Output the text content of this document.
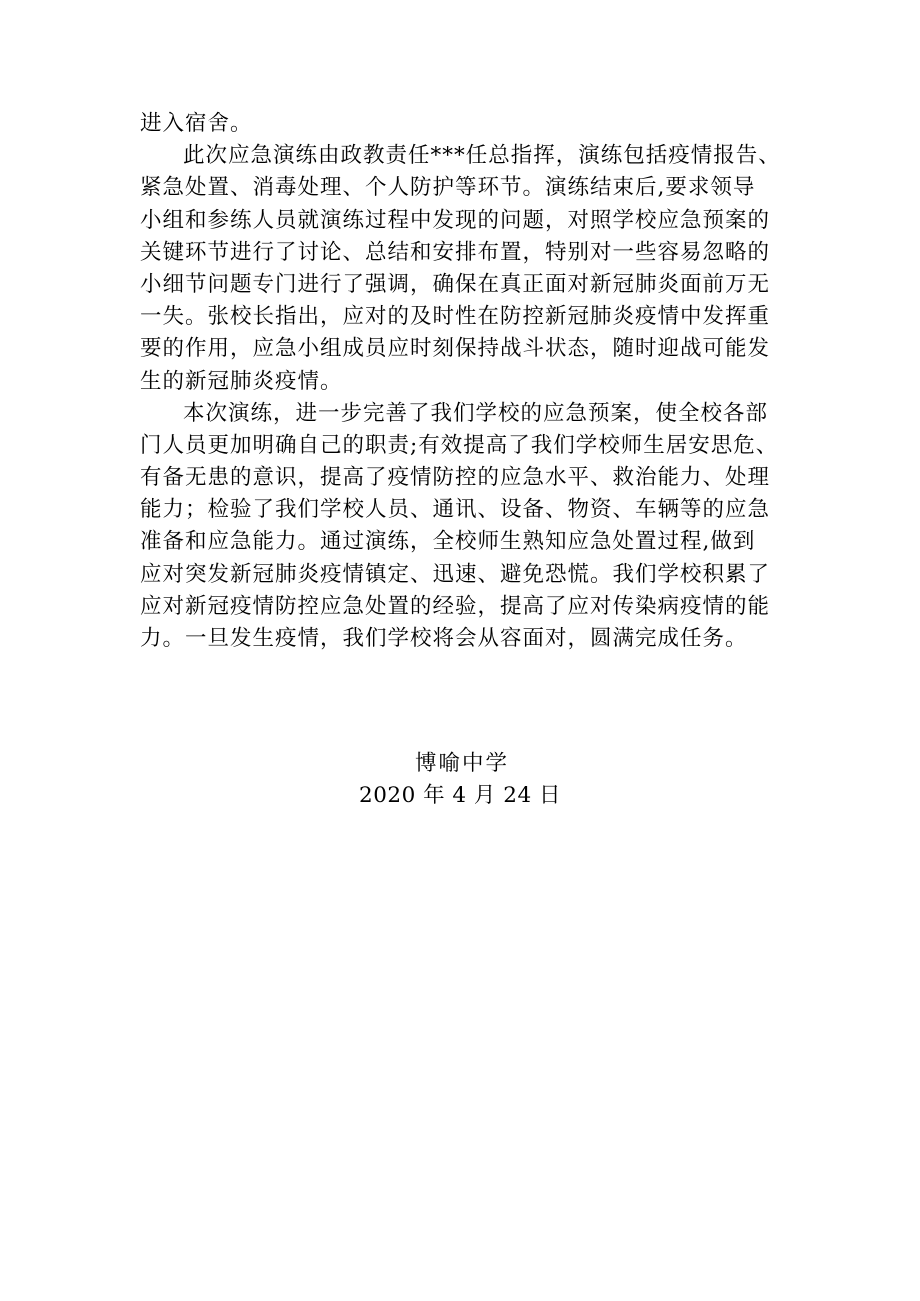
进入宿舍。
此次应急演练由政教责任***任总指挥，演练包括疫情报告、
紧急处置、消毒处理、个人防护等环节。演练结束后,要求领导
小组和参练人员就演练过程中发现的问题，对照学校应急预案的
关键环节进行了讨论、总结和安排布置，特别对一些容易忽略的
小细节问题专门进行了强调，确保在真正面对新冠肺炎面前万无
一失。张校长指出，应对的及时性在防控新冠肺炎疫情中发挥重
要的作用，应急小组成员应时刻保持战斗状态，随时迎战可能发
生的新冠肺炎疫情。
本次演练，进一步完善了我们学校的应急预案，使全校各部
门人员更加明确自己的职责;有效提高了我们学校师生居安思危、
有备无患的意识，提高了疫情防控的应急水平、救治能力、处理
能力；检验了我们学校人员、通讯、设备、物资、车辆等的应急
准备和应急能力。通过演练，全校师生熟知应急处置过程,做到
应对突发新冠肺炎疫情镇定、迅速、避免恐慌。我们学校积累了
应对新冠疫情防控应急处置的经验，提高了应对传染病疫情的能
力。一旦发生疫情，我们学校将会从容面对，圆满完成任务。
博喻中学
2020 年 4 月 24 日
